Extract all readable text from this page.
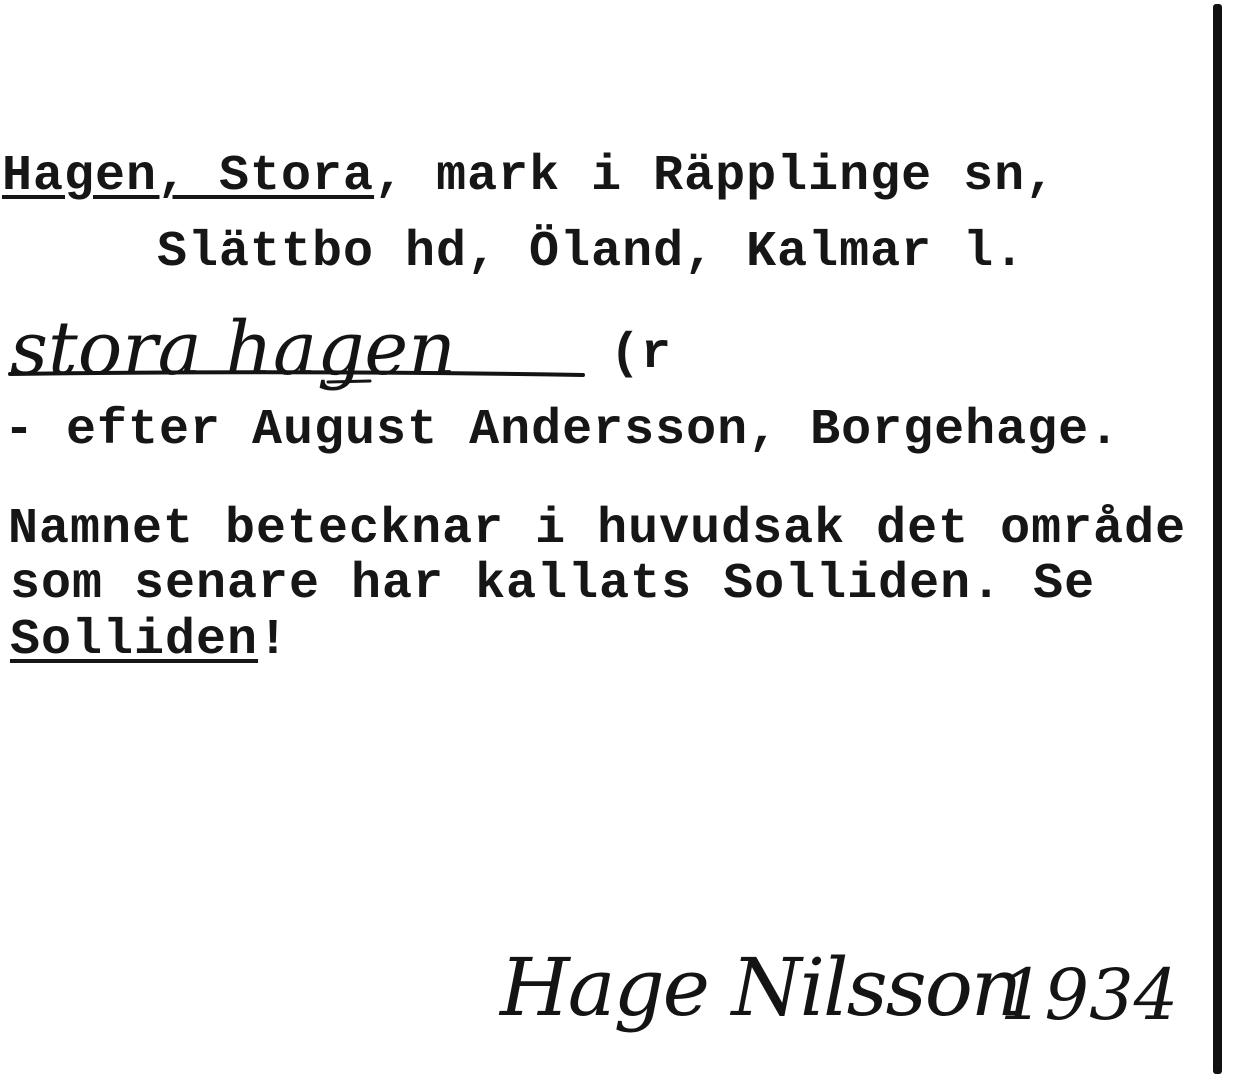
Hagen, Stora, mark i Räpplinge sn,
Slättbo hd, Öland, Kalmar l.
stora hagen	(r
- efter August Andersson, Borgehage.
Namnet betecknar i huvudsak det område
som senare har kallats Solliden. Se
Solliden!
Hage Nilsson
1934
